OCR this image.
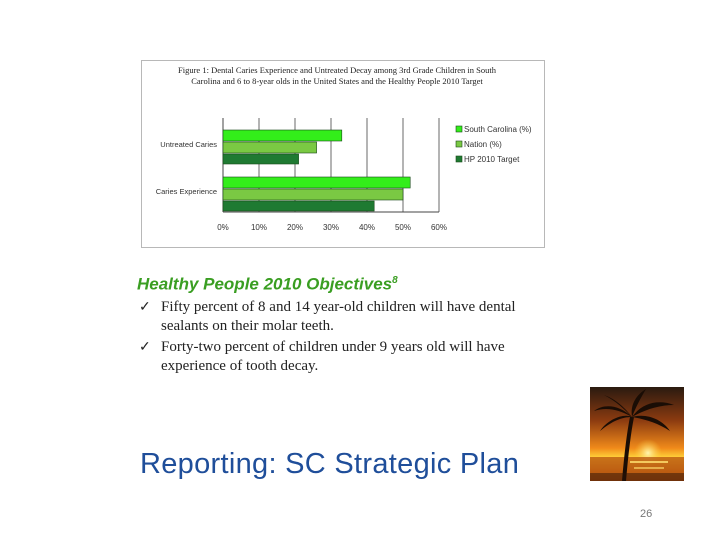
Figure 1: Dental Caries Experience and Untreated Decay among 3rd Grade Children in South
Carolina and 6 to 8-year olds in the United States and the Healthy People 2010 Target
Untreated Caries
Caries Experience
0%	10% 20% 30% 40% 50% 60%
South Carolina (%)
Nation (%)
HP 2010 Target

Healthy People 2010 Objectives$^8$

✓ Fifty percent of 8 and 14 year-old children will have dental
sealants on their molar teeth.
✓ Forty-two percent of children under 9 years old will have
experience of tooth decay.
Reporting: SC Strategic Plan
26
